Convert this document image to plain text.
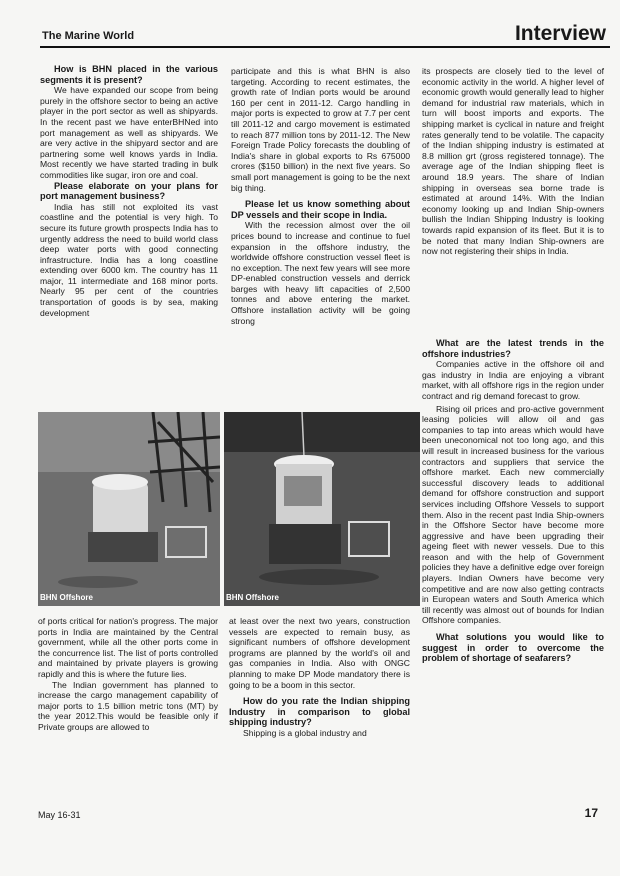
The Marine World	Interview
How is BHN placed in the various segments it is present?

We have expanded our scope from being purely in the offshore sector to being an active player in the port sector as well as shipyards. In the recent past we have enterBHNed into port management as well as shipyards. We are very active in the shipyard sector and are partnering some well knows yards in India. Most recently we have started trading in bulk commodities like sugar, iron ore and coal.

Please elaborate on your plans for port management business?

India has still not exploited its vast coastline and the potential is very high. To secure its future growth prospects India has to urgently address the need to build world class deep water ports with good connecting infrastructure. India has a long coastline extending over 6000 km. The country has 11 major, 11 intermediate and 168 minor ports. Nearly 95 per cent of the countries transportation of goods is by sea, making development

participate and this is what BHN is also targeting. According to recent estimates, the growth rate of Indian ports would be around 160 per cent in 2011-12. Cargo handling in major ports is expected to grow at 7.7 per cent till 2011-12 and cargo movement is estimated to reach 877 million tons by 2011-12. The New Foreign Trade Policy forecasts the doubling of India's share in global exports to Rs 675000 crores ($150 billion) in the next five years. So small port management is going to be the next big thing.

Please let us know something about DP vessels and their scope in India.

With the recession almost over the oil prices bound to increase and continue to fuel expansion in the offshore industry, the worldwide offshore construction vessel fleet is no exception. The next few years will see more DP-enabled construction vessels and derrick barges with heavy lift capacities of 2,500 tonnes and above entering the market. Offshore installation activity will be going strong

its prospects are closely tied to the level of economic activity in the world. A higher level of economic growth would generally lead to higher demand for industrial raw materials, which in turn will boost imports and exports. The shipping market is cyclical in nature and freight rates generally tend to be volatile. The capacity of the Indian shipping industry is estimated at 8.8 million grt (gross registered tonnage). The average age of the Indian shipping fleet is around 18.9 years. The share of Indian shipping in overseas sea borne trade is estimated at around 14%. With the Indian economy looking up and Indian Ship-owners bullish the Indian Shipping Industry is looking towards rapid expansion of its fleet. But it is to be noted that many Indian Ship-owners are now not registering their ships in India.

What are the latest trends in the offshore industries?

Companies active in the offshore oil and gas industry in India are enjoying a vibrant market, with all offshore rigs in the region under contract and rig demand forecast to grow.

Rising oil prices and pro-active government leasing policies will allow oil and gas companies to tap into areas which would have been uneconomical not too long ago, and this will result in increased business for the various contractors and suppliers that service the offshore market. Each new commercially successful discovery leads to additional demand for offshore construction and support services including Offshore Vessels to support them. Also in the recent past India Ship-owners in the Offshore Sector have become more aggressive and have been upgrading their ageing fleet with newer vessels. Due to this reason and with the help of Government policies they have a definitive edge over foreign players. Indian Owners have become very competitive and are now also getting contracts in European waters and South America which till recently was almost out of bounds for Indian Offshore companies.

What solutions you would like to suggest in order to overcome the problem of shortage of seafarers?
BHN Offshore	BHN Offshore

of ports critical for nation's progress. The major ports in India are maintained by the Central government, while all the other ports come in the concurrence list. The list of ports controlled and maintained by private players is growing rapidly and this is where the future lies.

The Indian government has planned to increase the cargo management capability of major ports to 1.5 billion metric tons (MT) by the year 2012.This would be feasible only if Private groups are allowed to

at least over the next two years, construction vessels are expected to remain busy, as significant numbers of offshore development programs are planned by the world's oil and gas companies in India. Also with ONGC planning to make DP Mode mandatory there is going to be a boom in this sector.

How do you rate the Indian shipping Industry in comparison to global shipping industry?

Shipping is a global industry and

May 16-31	17
